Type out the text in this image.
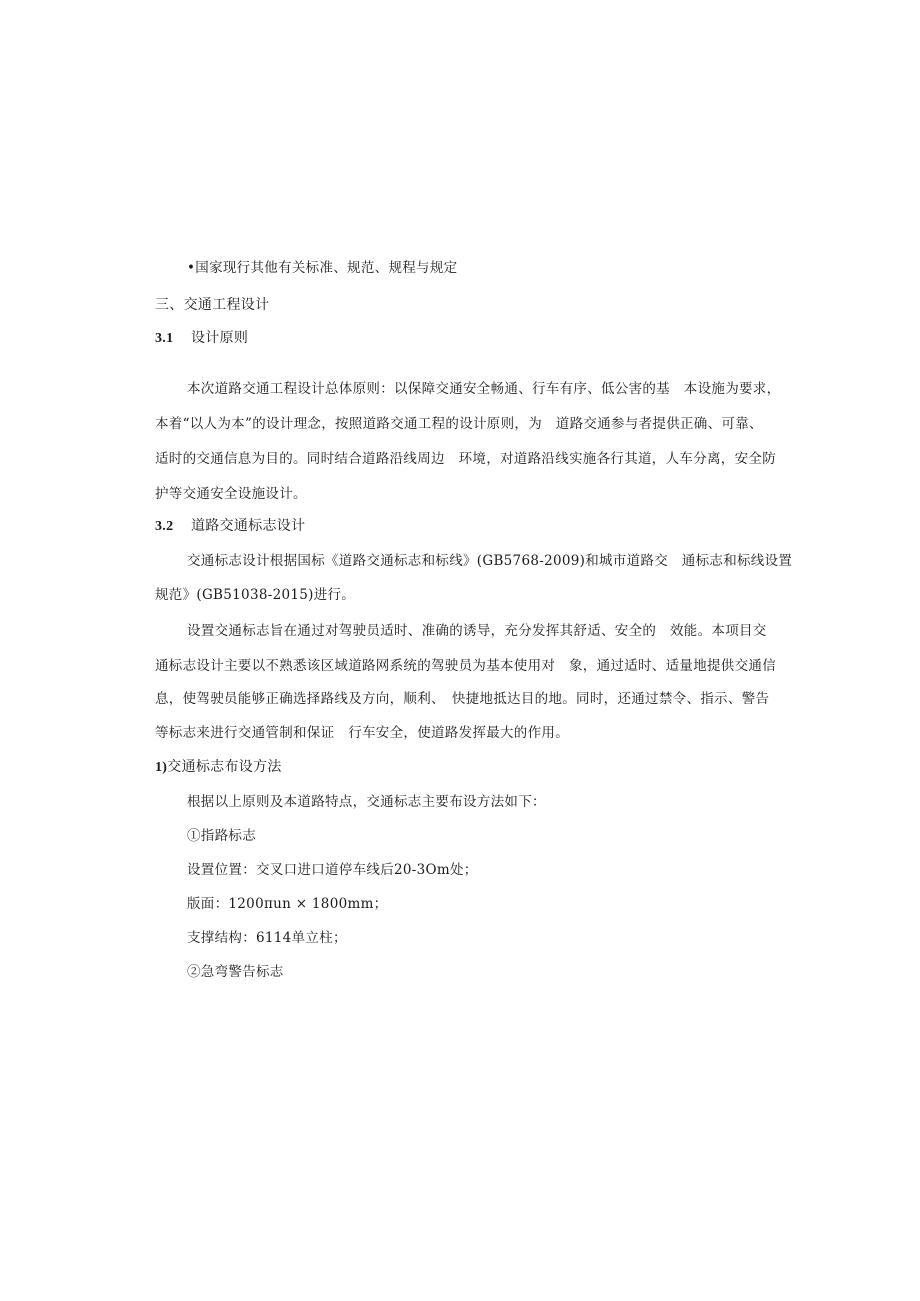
•国家现行其他有关标准、规范、规程与规定
三、交通工程设计
3.1 设计原则
本次道路交通工程设计总体原则：以保障交通安全畅通、行车有序、低公害的基　本设施为要求，
本着“以人为本”的设计理念，按照道路交通工程的设计原则，为　道路交通参与者提供正确、可靠、
适时的交通信息为目的。同时结合道路沿线周边　环境，对道路沿线实施各行其道，人车分离，安全防
护等交通安全设施设计。
3.2 道路交通标志设计
交通标志设计根据国标《道路交通标志和标线》(GB5768-2009)和城市道路交　通标志和标线设置
规范》(GB51038-2015)进行。
设置交通标志旨在通过对驾驶员适时、准确的诱导，充分发挥其舒适、安全的　效能。本项目交
通标志设计主要以不熟悉该区域道路网系统的驾驶员为基本使用对　象，通过适时、适量地提供交通信
息，使驾驶员能够正确选择路线及方向，顺利、　快捷地抵达目的地。同时，还通过禁令、指示、警告
等标志来进行交通管制和保证　行车安全，使道路发挥最大的作用。
1)交通标志布设方法
根据以上原则及本道路特点，交通标志主要布设方法如下：
①指路标志
设置位置：交叉口进口道停车线后20-3Om处；
版面：1200πun × 1800mm；
支撑结构：6114单立柱；
②急弯警告标志
